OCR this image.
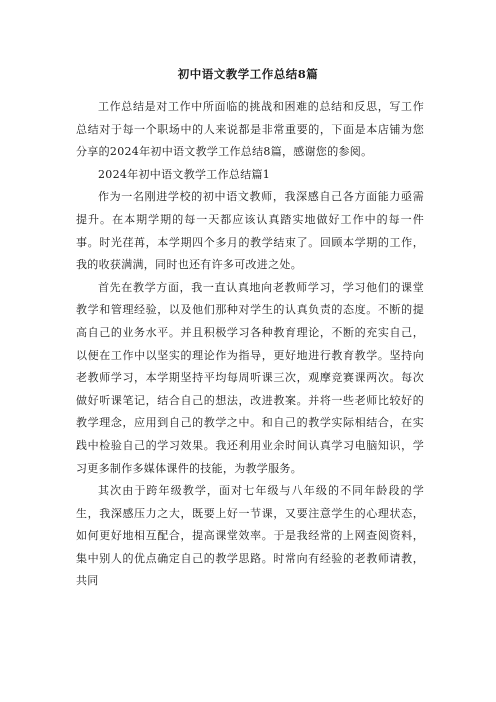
初中语文教学工作总结8篇

工作总结是对工作中所面临的挑战和困难的总结和反思，写工作总结对于每一个职场中的人来说都是非常重要的，下面是本店铺为您分享的2024年初中语文教学工作总结8篇，感谢您的参阅。

2024年初中语文教学工作总结篇1

作为一名刚进学校的初中语文教师，我深感自己各方面能力亟需提升。在本期学期的每一天都应该认真踏实地做好工作中的每一件事。时光荏苒，本学期四个多月的教学结束了。回顾本学期的工作，我的收获满满，同时也还有许多可改进之处。

首先在教学方面，我一直认真地向老教师学习，学习他们的课堂教学和管理经验，以及他们那种对学生的认真负责的态度。不断的提高自己的业务水平。并且积极学习各种教育理论，不断的充实自己，以便在工作中以坚实的理论作为指导，更好地进行教育教学。坚持向老教师学习，本学期坚持平均每周听课三次，观摩竞赛课两次。每次做好听课笔记，结合自己的想法，改进教案。并将一些老师比较好的教学理念，应用到自己的教学之中。和自己的教学实际相结合，在实践中检验自己的学习效果。我还利用业余时间认真学习电脑知识，学习更多制作多媒体课件的技能，为教学服务。

其次由于跨年级教学，面对七年级与八年级的不同年龄段的学生，我深感压力之大，既要上好一节课，又要注意学生的心理状态，如何更好地相互配合，提高课堂效率。于是我经常的上网查阅资料，集中别人的优点确定自己的教学思路。时常向有经验的老教师请教，共同
